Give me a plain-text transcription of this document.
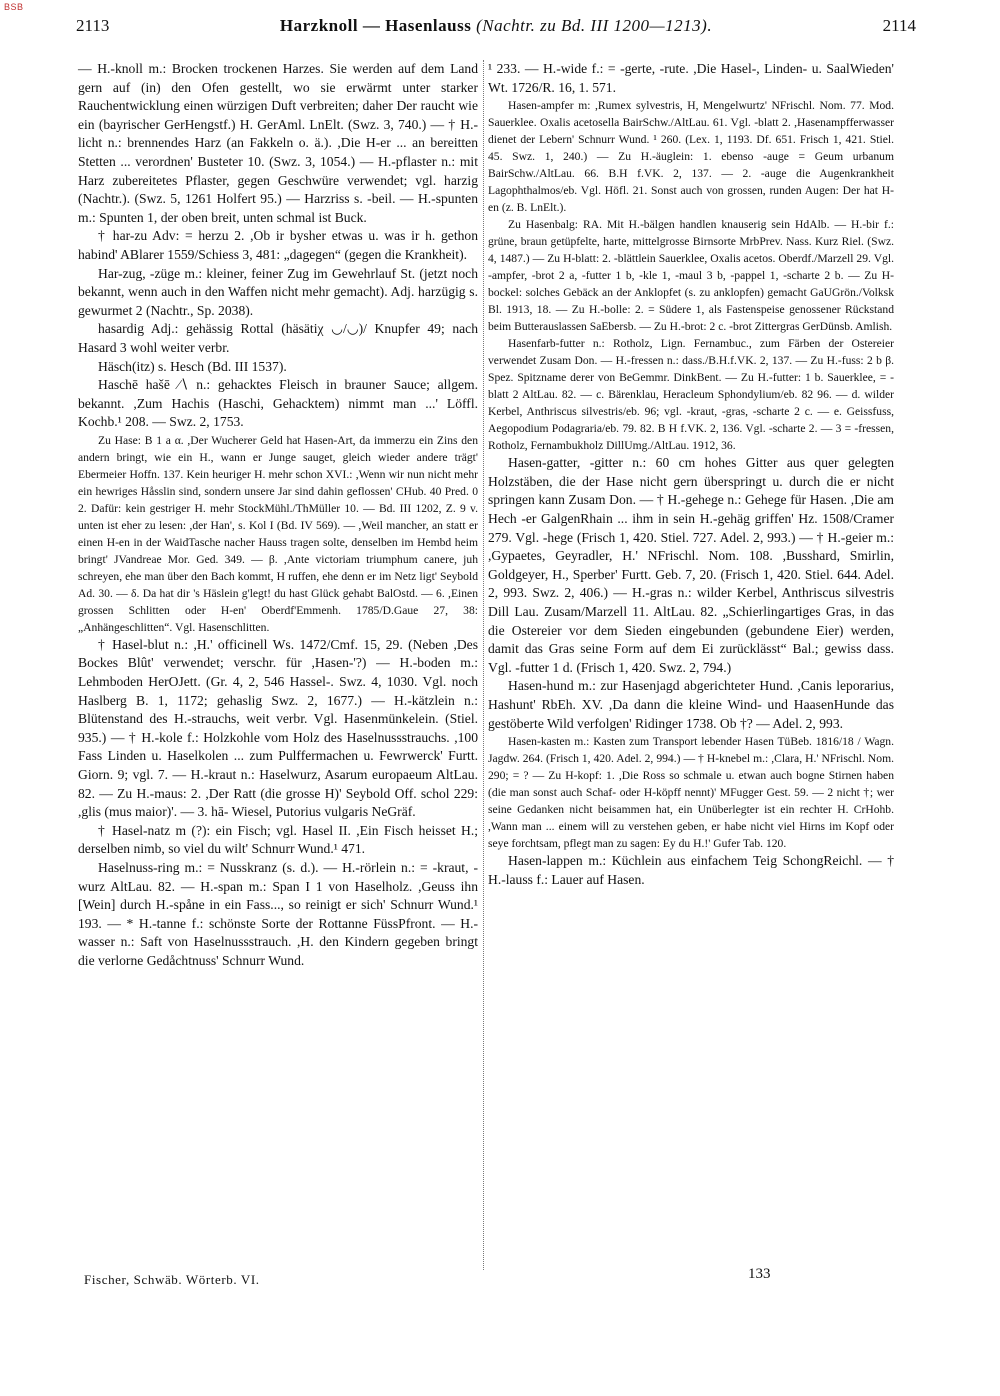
BSB
2113	Harzknoll — Hasenlauss (Nachtr. zu Bd. III 1200—1213).	2114

— H.-knoll m.: Brocken trockenen Harzes. Sie werden auf dem Land gern auf (in) den Ofen gestellt, wo sie erwärmt unter starker Rauchentwicklung einen würzigen Duft verbreiten; daher Der raucht wie ein (bayrischer GerHengstf.) H. GerAml. LnElt. (Swz. 3, 740.) — † H.-licht n.: brennendes Harz (an Fakkeln o. ä.). ,Die H-er ... an bereitten Stetten ... verordnen' Busteter 10. (Swz. 3, 1054.) — H.-pflaster n.: mit Harz zubereitetes Pflaster, gegen Geschwüre verwendet; vgl. harzig (Nachtr.). (Swz. 5, 1261 Holfert 95.) — Harzriss s. -beil. — H.-spunten m.: Spunten 1, der oben breit, unten schmal ist Buck.

† har-zu Adv: = herzu 2. ,Ob ir bysher etwas u. was ir h. gethon habind' ABlarer 1559/Schiess 3, 481: „dagegen“ (gegen die Krankheit).

Har-zug, -züge m.: kleiner, feiner Zug im Gewehrlauf St. (jetzt noch bekannt, wenn auch in den Waffen nicht mehr gemacht). Adj. harzügig s. gewurmet 2 (Nachtr., Sp. 2038).

hasardig Adj.: gehässig Rottal (häsätiχ ◡/◡)/ Knupfer 49; nach Hasard 3 wohl weiter verbr.

Häsch(itz) s. Hesch (Bd. III 1537).

Haschē hašē ∕∖ n.: gehacktes Fleisch in brauner Sauce; allgem. bekannt. ,Zum Hachis (Haschi, Gehacktem) nimmt man ...' Löffl. Kochb.¹ 208. — Swz. 2, 1753.

Zu Hase: B 1 a α. ,Der Wucherer Geld hat Hasen-Art, da immerzu ein Zins den andern bringt, wie ein H., wann er Junge sauget, gleich wieder andere trägt' Ebermeier Hoffn. 137. Kein heuriger H. mehr schon XVI.: ,Wenn wir nun nicht mehr ein hewriges Håsslin sind, sondern unsere Jar sind dahin geflossen' CHub. 40 Pred. 0 2. Dafür: kein gestriger H. mehr StockMühl./ThMüller 10. — Bd. III 1202, Z. 9 v. unten ist eher zu lesen: ,der Han', s. Kol I (Bd. IV 569). — ,Weil mancher, an statt er einen H-en in der WaidTasche nacher Hauss tragen solte, denselben im Hembd heim bringt' JVandreae Mor. Ged. 349. — β. ,Ante victoriam triumphum canere, juh schreyen, ehe man über den Bach kommt, H ruffen, ehe denn er im Netz ligt' Seybold Ad. 30. — δ. Da hat dir 's Häslein g'legt! du hast Glück gehabt BalOstd. — 6. ,Einen grossen Schlitten oder H-en' Oberdf'Emmenh. 1785/D.Gaue 27, 38: „Anhängeschlitten“. Vgl. Hasenschlitten.

† Hasel-blut n.: ,H.' officinell Ws. 1472/Cmf. 15, 29. (Neben ,Des Bockes Blût' verwendet; verschr. für ,Hasen-'?) — H.-boden m.: Lehmboden HerOJett. (Gr. 4, 2, 546 Hassel-. Swz. 4, 1030. Vgl. noch Haslberg B. 1, 1172; gehaslig Swz. 2, 1677.) — H.-kätzlein n.: Blütenstand des H.-strauchs, weit verbr. Vgl. Hasenmünkelein. (Stiel. 935.) — † H.-kole f.: Holzkohle vom Holz des Haselnussstrauchs. ,100 Fass Linden u. Haselkolen ... zum Pulffermachen u. Fewrwerck' Furtt. Giorn. 9; vgl. 7. — H.-kraut n.: Haselwurz, Asarum europaeum AltLau. 82. — Zu H.-maus: 2. ,Der Ratt (die grosse H)' Seybold Off. schol 229: ,glis (mus maior)'. — 3. hā- Wiesel, Putorius vulgaris NeGräf.

† Hasel-natz m (?): ein Fisch; vgl. Hasel II. ,Ein Fisch heisset H.; derselben nimb, so viel du wilt' Schnurr Wund.¹ 471.

Haselnuss-ring m.: = Nusskranz (s. d.). — H.-rörlein n.: = -kraut, -wurz AltLau. 82. — H.-span m.: Span I 1 von Haselholz. ,Geuss ihn [Wein] durch H.-spåne in ein Fass..., so reinigt er sich' Schnurr Wund.¹ 193. — * H.-tanne f.: schönste Sorte der Rottanne FüssPfront. — H.-wasser n.: Saft von Haselnussstrauch. ,H. den Kindern gegeben bringt die verlorne Gedåchtnuss' Schnurr Wund.

¹ 233. — H.-wide f.: = -gerte, -rute. ,Die Hasel-, Linden- u. SaalWieden' Wt. 1726/R. 16, 1. 571.

Hasen-ampfer m: ,Rumex sylvestris, H, Mengelwurtz' NFrischl. Nom. 77. Mod. Sauerklee. Oxalis acetosella BairSchw./AltLau. 61. Vgl. -blatt 2. ,Hasenampfferwasser dienet der Lebern' Schnurr Wund. ¹ 260. (Lex. 1, 1193. Df. 651. Frisch 1, 421. Stiel. 45. Swz. 1, 240.) — Zu H.-äuglein: 1. ebenso -auge = Geum urbanum BairSchw./AltLau. 66. B.H f.VK. 2, 137. — 2. -auge die Augenkrankheit Lagophthalmos/eb. Vgl. Höfl. 21. Sonst auch von grossen, runden Augen: Der hat H-en (z. B. LnElt.).

Zu Hasenbalg: RA. Mit H.-bälgen handlen knauserig sein HdAlb. — H.-bir f.: grüne, braun getüpfelte, harte, mittelgrosse Birnsorte MrbPrev. Nass. Kurz Riel. (Swz. 4, 1487.) — Zu H-blatt: 2. -blättlein Sauerklee, Oxalis acetos. Oberdf./Marzell 29. Vgl. -ampfer, -brot 2 a, -futter 1 b, -kle 1, -maul 3 b, -pappel 1, -scharte 2 b. — Zu H-bockel: solches Gebäck an der Anklopfet (s. zu anklopfen) gemacht GaUGrön./Volksk Bl. 1913, 18. — Zu H.-bolle: 2. = Südere 1, als Fastenspeise genossener Rückstand beim Butterauslassen SaEbersb. — Zu H.-brot: 2 c. -brot Zittergras GerDünsb. Amlish.

Hasenfarb-futter n.: Rotholz, Lign. Fernambuc., zum Färben der Ostereier verwendet Zusam Don. — H.-fressen n.: dass./B.H.f.VK. 2, 137. — Zu H.-fuss: 2 b β. Spez. Spitzname derer von BeGemmr. DinkBent. — Zu H.-futter: 1 b. Sauerklee, = -blatt 2 AltLau. 82. — c. Bärenklau, Heracleum Sphondylium/eb. 82 96. — d. wilder Kerbel, Anthriscus silvestris/eb. 96; vgl. -kraut, -gras, -scharte 2 c. — e. Geissfuss, Aegopodium Podagraria/eb. 79. 82. B H f.VK. 2, 136. Vgl. -scharte 2. — 3 = -fressen, Rotholz, Fernambukholz DillUmg./AltLau. 1912, 36.

Hasen-gatter, -gitter n.: 60 cm hohes Gitter aus quer gelegten Holzstäben, die der Hase nicht gern überspringt u. durch die er nicht springen kann Zusam Don. — † H.-gehege n.: Gehege für Hasen. ,Die am Hech -er GalgenRhain ... ihm in sein H.-gehäg griffen' Hz. 1508/Cramer 279. Vgl. -hege (Frisch 1, 420. Stiel. 727. Adel. 2, 993.) — † H.-geier m.: ,Gypaetes, Geyradler, H.' NFrischl. Nom. 108. ,Busshard, Smirlin, Goldgeyer, H., Sperber' Furtt. Geb. 7, 20. (Frisch 1, 420. Stiel. 644. Adel. 2, 993. Swz. 2, 406.) — H.-gras n.: wilder Kerbel, Anthriscus silvestris Dill Lau. Zusam/Marzell 11. AltLau. 82. „Schierlingartiges Gras, in das die Ostereier vor dem Sieden eingebunden (gebundene Eier) werden, damit das Gras seine Form auf dem Ei zurücklässt“ Bal.; gewiss dass. Vgl. -futter 1 d. (Frisch 1, 420. Swz. 2, 794.)

Hasen-hund m.: zur Hasenjagd abgerichteter Hund. ,Canis leporarius, Hashunt' RbEh. XV. ,Da dann die kleine Wind- und HaasenHunde das gestöberte Wild verfolgen' Ridinger 1738. Ob †? — Adel. 2, 993.

Hasen-kasten m.: Kasten zum Transport lebender Hasen TüBeb. 1816/18 / Wagn. Jagdw. 264. (Frisch 1, 420. Adel. 2, 994.) — † H-knebel m.: ,Clara, H.' NFrischl. Nom. 290; = ? — Zu H-kopf: 1. ,Die Ross so schmale u. etwan auch bogne Stirnen haben (die man sonst auch Schaf- oder H-köpff nennt)' MFugger Gest. 59. — 2 nicht †; wer seine Gedanken nicht beisammen hat, ein Unüberlegter ist ein rechter H. CrHohb. ,Wann man ... einem will zu verstehen geben, er habe nicht viel Hirns im Kopf oder seye forchtsam, pflegt man zu sagen: Ey du H.!' Gufer Tab. 120.

Hasen-lappen m.: Küchlein aus einfachem Teig SchongReichl. — † H.-lauss f.: Lauer auf Hasen.

Fischer, Schwäb. Wörterb. VI.	133
